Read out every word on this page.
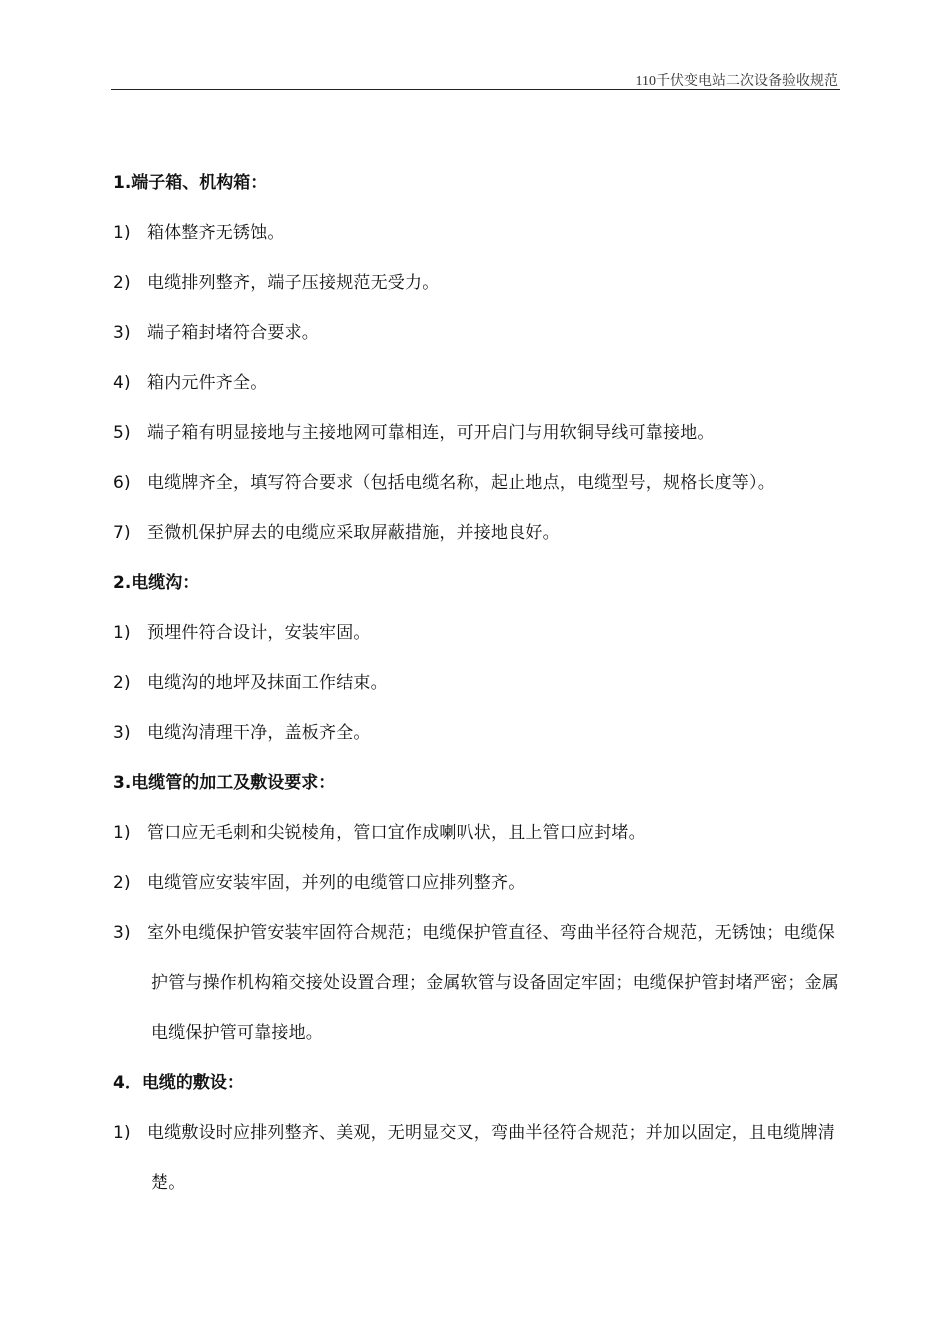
110千伏变电站二次设备验收规范
1.端子箱、机构箱：
1) 箱体整齐无锈蚀。
2) 电缆排列整齐，端子压接规范无受力。
3) 端子箱封堵符合要求。
4) 箱内元件齐全。
5) 端子箱有明显接地与主接地网可靠相连，可开启门与用软铜导线可靠接地。
6) 电缆牌齐全，填写符合要求（包括电缆名称，起止地点，电缆型号，规格长度等）。
7) 至微机保护屏去的电缆应采取屏蔽措施，并接地良好。
2.电缆沟：
1) 预埋件符合设计，安装牢固。
2) 电缆沟的地坪及抹面工作结束。
3) 电缆沟清理干净，盖板齐全。
3.电缆管的加工及敷设要求：
1) 管口应无毛刺和尖锐棱角，管口宜作成喇叭状，且上管口应封堵。
2) 电缆管应安装牢固，并列的电缆管口应排列整齐。
3) 室外电缆保护管安装牢固符合规范；电缆保护管直径、弯曲半径符合规范，无锈蚀；电缆保护管与操作机构箱交接处设置合理；金属软管与设备固定牢固；电缆保护管封堵严密；金属电缆保护管可靠接地。
4．电缆的敷设：
1) 电缆敷设时应排列整齐、美观，无明显交叉，弯曲半径符合规范；并加以固定，且电缆牌清楚。
